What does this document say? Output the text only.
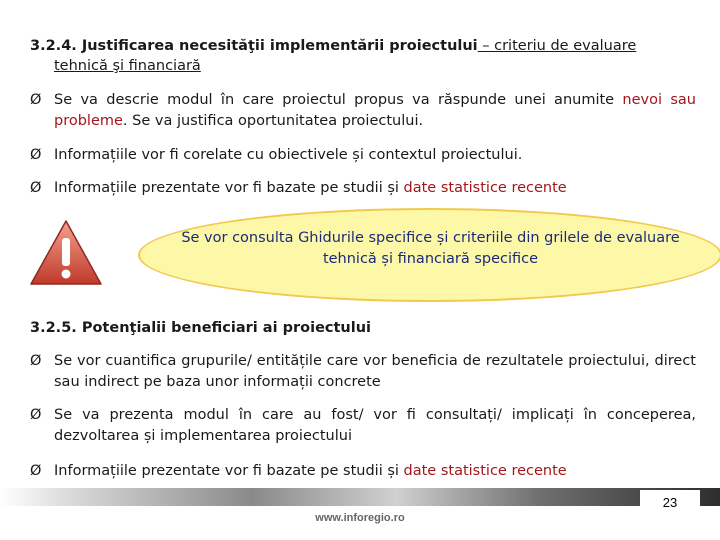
3.2.4. Justificarea necesităţii implementării proiectului – criteriu de evaluare
tehnică şi financiară
Ø Se va descrie modul în care proiectul propus va răspunde unei anumite nevoi sau probleme. Se va justifica oportunitatea proiectului.
Ø Informațiile vor fi corelate cu obiectivele și contextul proiectului.
Ø Informațiile prezentate vor fi bazate pe studii și date statistice recente
Se vor consulta Ghidurile specifice și criteriile din grilele de evaluare tehnică și financiară specifice
3.2.5. Potenţialii beneficiari ai proiectului
Ø Se vor cuantifica grupurile/ entitățile care vor beneficia de rezultatele proiectului, direct sau indirect pe baza unor informații concrete
Ø Se va prezenta modul în care au fost/ vor fi consultați/ implicați în conceperea, dezvoltarea și implementarea proiectului
Ø Informațiile prezentate vor fi bazate pe studii și date statistice recente
23
www.inforegio.ro
